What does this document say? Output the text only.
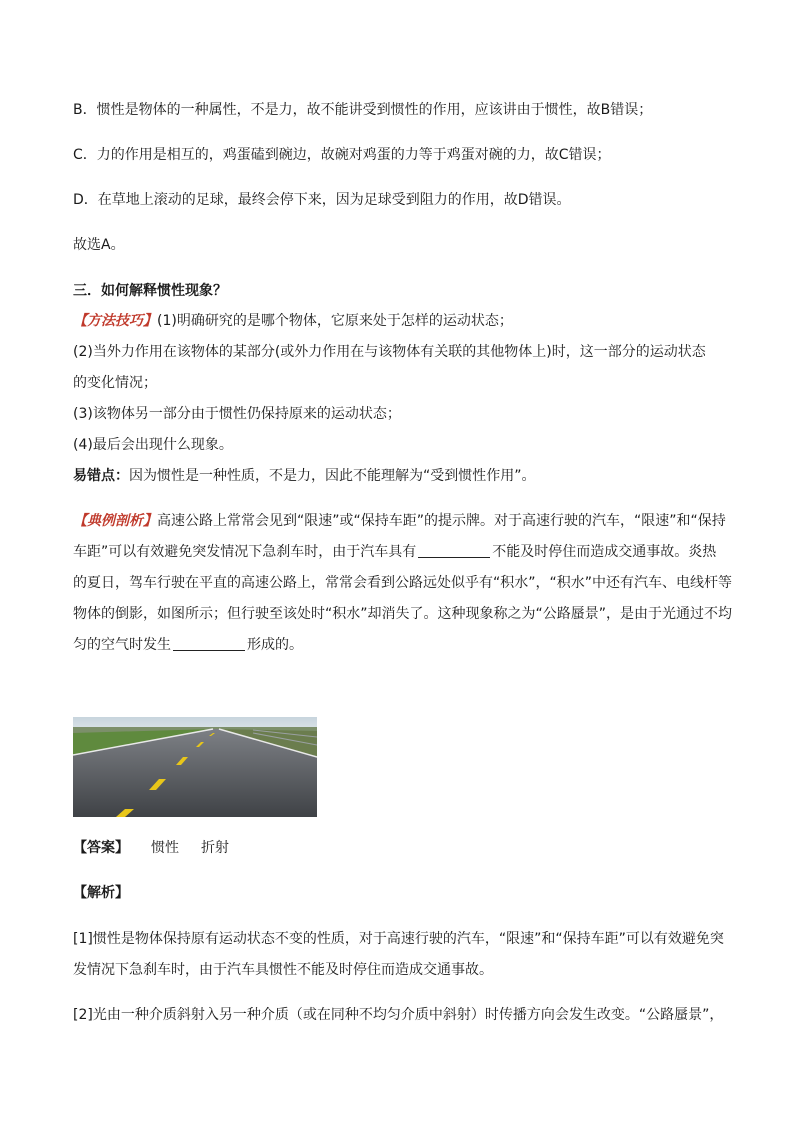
B．惯性是物体的一种属性，不是力，故不能讲受到惯性的作用，应该讲由于惯性，故B错误；
C．力的作用是相互的，鸡蛋磕到碗边，故碗对鸡蛋的力等于鸡蛋对碗的力，故C错误；
D．在草地上滚动的足球，最终会停下来，因为足球受到阻力的作用，故D错误。
故选A。
三．如何解释惯性现象？
【方法技巧】(1)明确研究的是哪个物体，它原来处于怎样的运动状态；
(2)当外力作用在该物体的某部分(或外力作用在与该物体有关联的其他物体上)时，这一部分的运动状态
的变化情况；
(3)该物体另一部分由于惯性仍保持原来的运动状态；
(4)最后会出现什么现象。
易错点：因为惯性是一种性质，不是力，因此不能理解为“受到惯性作用”。
【典例剖析】高速公路上常常会见到“限速”或“保持车距”的提示牌。对于高速行驶的汽车，“限速”和“保持
车距”可以有效避免突发情况下急刹车时，由于汽车具有	不能及时停住而造成交通事故。炎热
的夏日，驾车行驶在平直的高速公路上，常常会看到公路远处似乎有“积水”，“积水”中还有汽车、电线杆等
物体的倒影，如图所示；但行驶至该处时“积水”却消失了。这种现象称之为“公路蜃景”，是由于光通过不均
匀的空气时发生	形成的。
【答案】 惯性 折射
【解析】
[1]惯性是物体保持原有运动状态不变的性质，对于高速行驶的汽车，“限速”和“保持车距”可以有效避免突
发情况下急刹车时，由于汽车具惯性不能及时停住而造成交通事故。
[2]光由一种介质斜射入另一种介质（或在同种不均匀介质中斜射）时传播方向会发生改变。“公路蜃景”，
